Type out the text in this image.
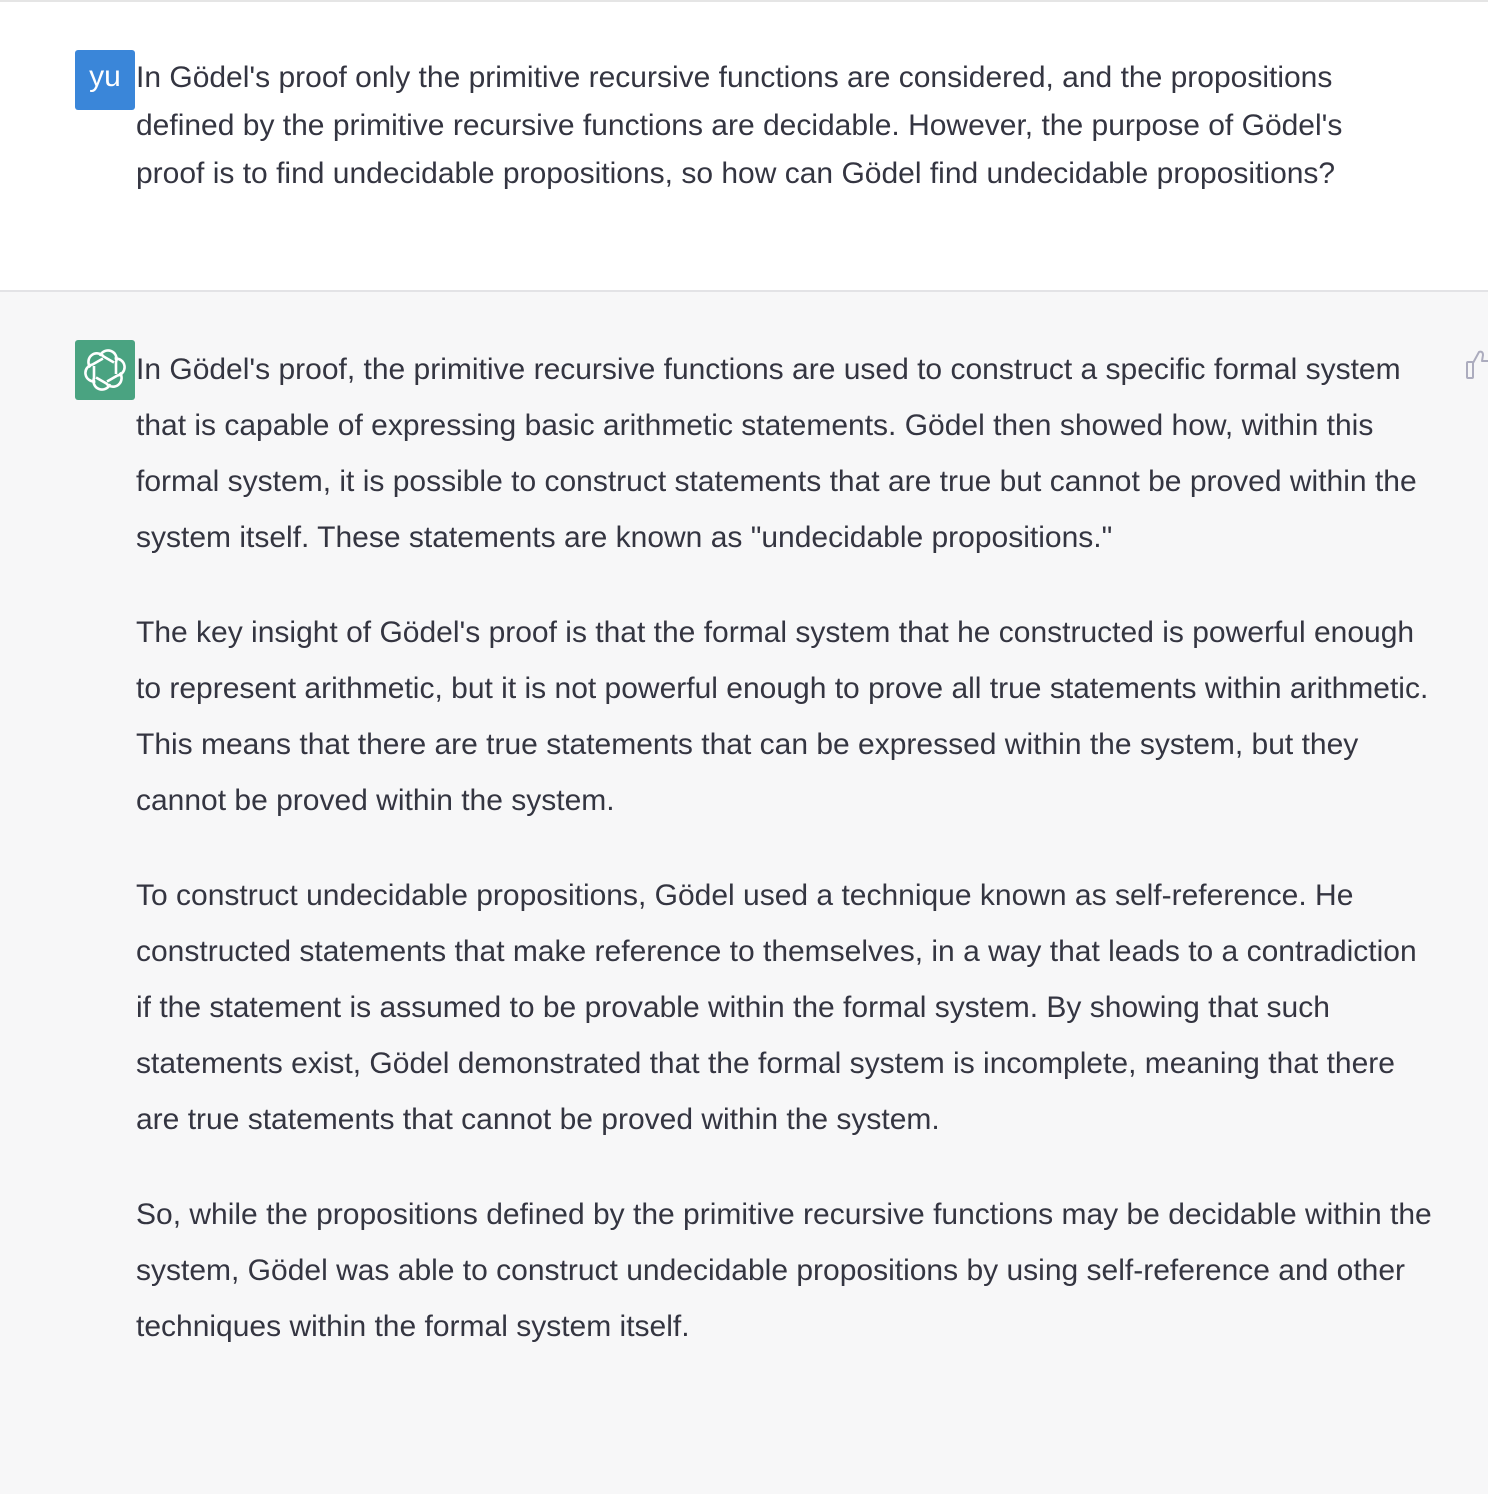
yu In Gödel's proof only the primitive recursive functions are considered, and the propositions defined by the primitive recursive functions are decidable. However, the purpose of Gödel's proof is to find undecidable propositions, so how can Gödel find undecidable propositions?

In Gödel's proof, the primitive recursive functions are used to construct a specific formal system that is capable of expressing basic arithmetic statements. Gödel then showed how, within this formal system, it is possible to construct statements that are true but cannot be proved within the system itself. These statements are known as "undecidable propositions."

The key insight of Gödel's proof is that the formal system that he constructed is powerful enough to represent arithmetic, but it is not powerful enough to prove all true statements within arithmetic. This means that there are true statements that can be expressed within the system, but they cannot be proved within the system.

To construct undecidable propositions, Gödel used a technique known as self-reference. He constructed statements that make reference to themselves, in a way that leads to a contradiction if the statement is assumed to be provable within the formal system. By showing that such statements exist, Gödel demonstrated that the formal system is incomplete, meaning that there are true statements that cannot be proved within the system.

So, while the propositions defined by the primitive recursive functions may be decidable within the system, Gödel was able to construct undecidable propositions by using self-reference and other techniques within the formal system itself.
